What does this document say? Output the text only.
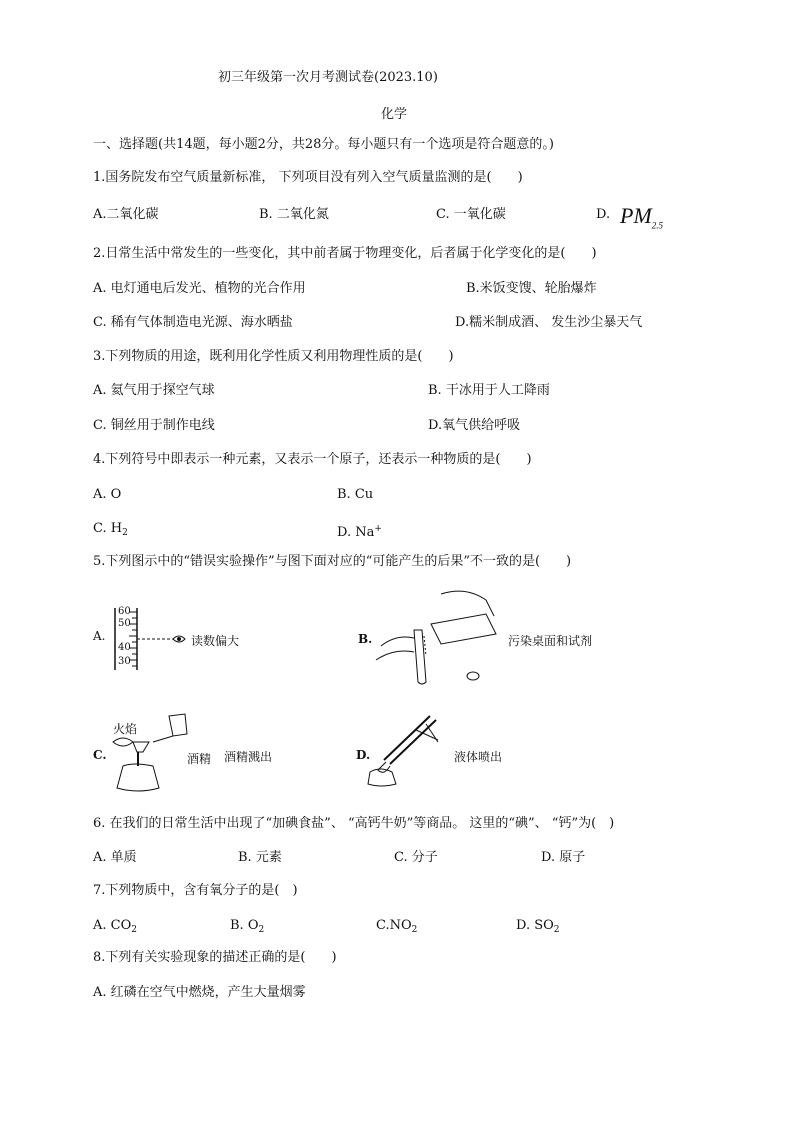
初三年级第一次月考测试卷(2023.10)
化学
一、选择题(共14题，每小题2分，共28分。每小题只有一个选项是符合题意的。)
1.国务院发布空气质量新标准， 下列项目没有列入空气质量监测的是(　　)
A.二氧化碳	B. 二氧化氮	C. 一氧化碳	D. $PM_{2.5}$
2.日常生活中常发生的一些变化，其中前者属于物理变化，后者属于化学变化的是(　　)
A. 电灯通电后发光、植物的光合作用	B.米饭变馊、轮胎爆炸
C. 稀有气体制造电光源、海水晒盐	D.糯米制成酒、 发生沙尘暴天气
3.下列物质的用途，既利用化学性质又利用物理性质的是(　　)
A. 氦气用于探空气球	B. 干冰用于人工降雨
C. 铜丝用于制作电线	D.氧气供给呼吸
4.下列符号中即表示一种元素，又表示一个原子，还表示一种物质的是(　　)
A. O	B. Cu
C. $H_2$	D. Na+
5.下列图示中的“错误实验操作”与图下面对应的“可能产生的后果”不一致的是(　　)
A.
60
50
40
30
读数偏大	B.	污染桌面和试剂
C.
火焰
酒精 酒精溅出	D.	液体喷出
6. 在我们的日常生活中出现了“加碘食盐”、 “高钙牛奶”等商品。 这里的“碘”、 “钙”为(　)
A. 单质	B. 元素	C. 分子	D. 原子
7.下列物质中，含有氧分子的是(　)
A. $CO_2$	B. $O_2$	$C.NO_2$	D. $SO_2$
8.下列有关实验现象的描述正确的是(　　)
A. 红磷在空气中燃烧，产生大量烟雾
